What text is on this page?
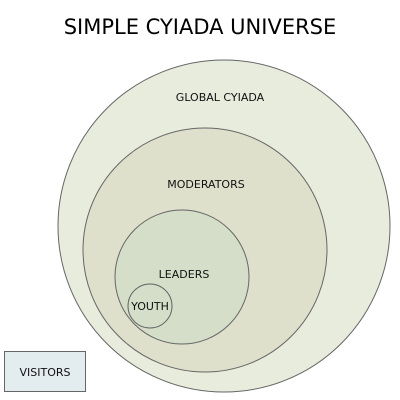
SIMPLE CYIADA UNIVERSE
GLOBAL CYIADA
MODERATORS
LEADERS
YOUTH
VISITORS
